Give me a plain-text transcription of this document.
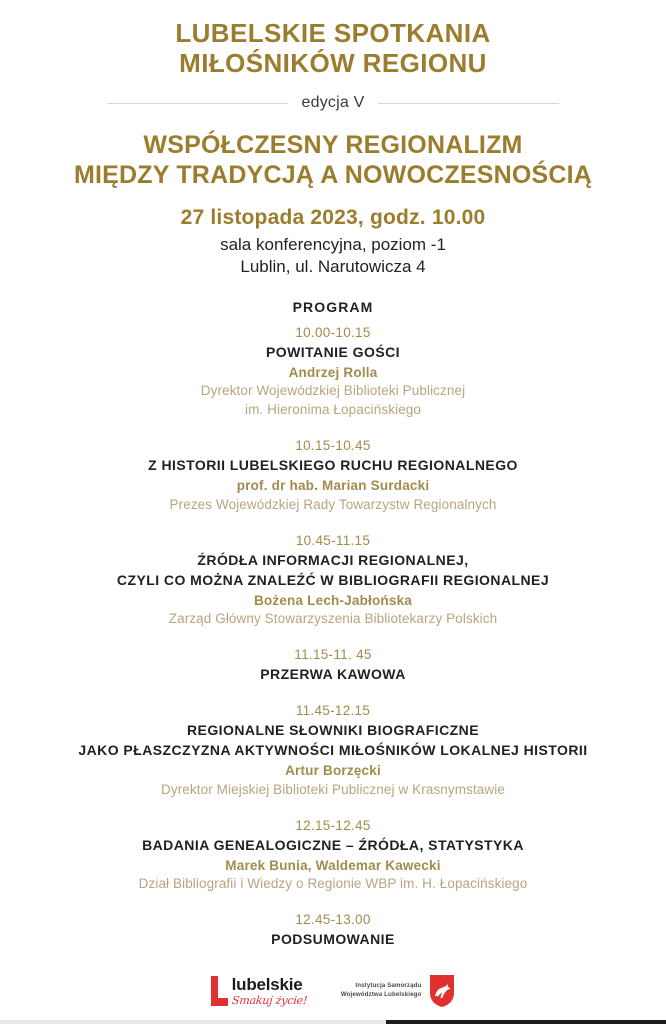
LUBELSKIE SPOTKANIA
MIŁOŚNIKÓW REGIONU
edycja V
WSPÓŁCZESNY REGIONALIZM
MIĘDZY TRADYCJĄ A NOWOCZESNOŚCIĄ
27 listopada 2023, godz. 10.00
sala konferencyjna, poziom -1
Lublin, ul. Narutowicza 4
PROGRAM
10.00-10.15
POWITANIE GOŚCI
Andrzej Rolla
Dyrektor Wojewódzkiej Biblioteki Publicznej
im. Hieronima Łopacińskiego
10.15-10.45
Z HISTORII LUBELSKIEGO RUCHU REGIONALNEGO
prof. dr hab. Marian Surdacki
Prezes Wojewódzkiej Rady Towarzystw Regionalnych
10.45-11.15
ŹRÓDŁA INFORMACJI REGIONALNEJ,
CZYLI CO MOŻNA ZNALEŹĆ W BIBLIOGRAFII REGIONALNEJ
Bożena Lech-Jabłońska
Zarząd Główny Stowarzyszenia Bibliotekarzy Polskich
11.15-11. 45
PRZERWA KAWOWA
11.45-12.15
REGIONALNE SŁOWNIKI BIOGRAFICZNE
JAKO PŁASZCZYZNA AKTYWNOŚCI MIŁOŚNIKÓW LOKALNEJ HISTORII
Artur Borzęcki
Dyrektor Miejskiej Biblioteki Publicznej w Krasnymstawie
12.15-12.45
BADANIA GENEALOGICZNE – ŹRÓDŁA, STATYSTYKA
Marek Bunia, Waldemar Kawecki
Dział Bibliografii i Wiedzy o Regionie WBP im. H. Łopacińskiego
12.45-13.00
PODSUMOWANIE
lubelskie
Smakuj życie!
Instytucja Samorządu
Województwa Lubelskiego
